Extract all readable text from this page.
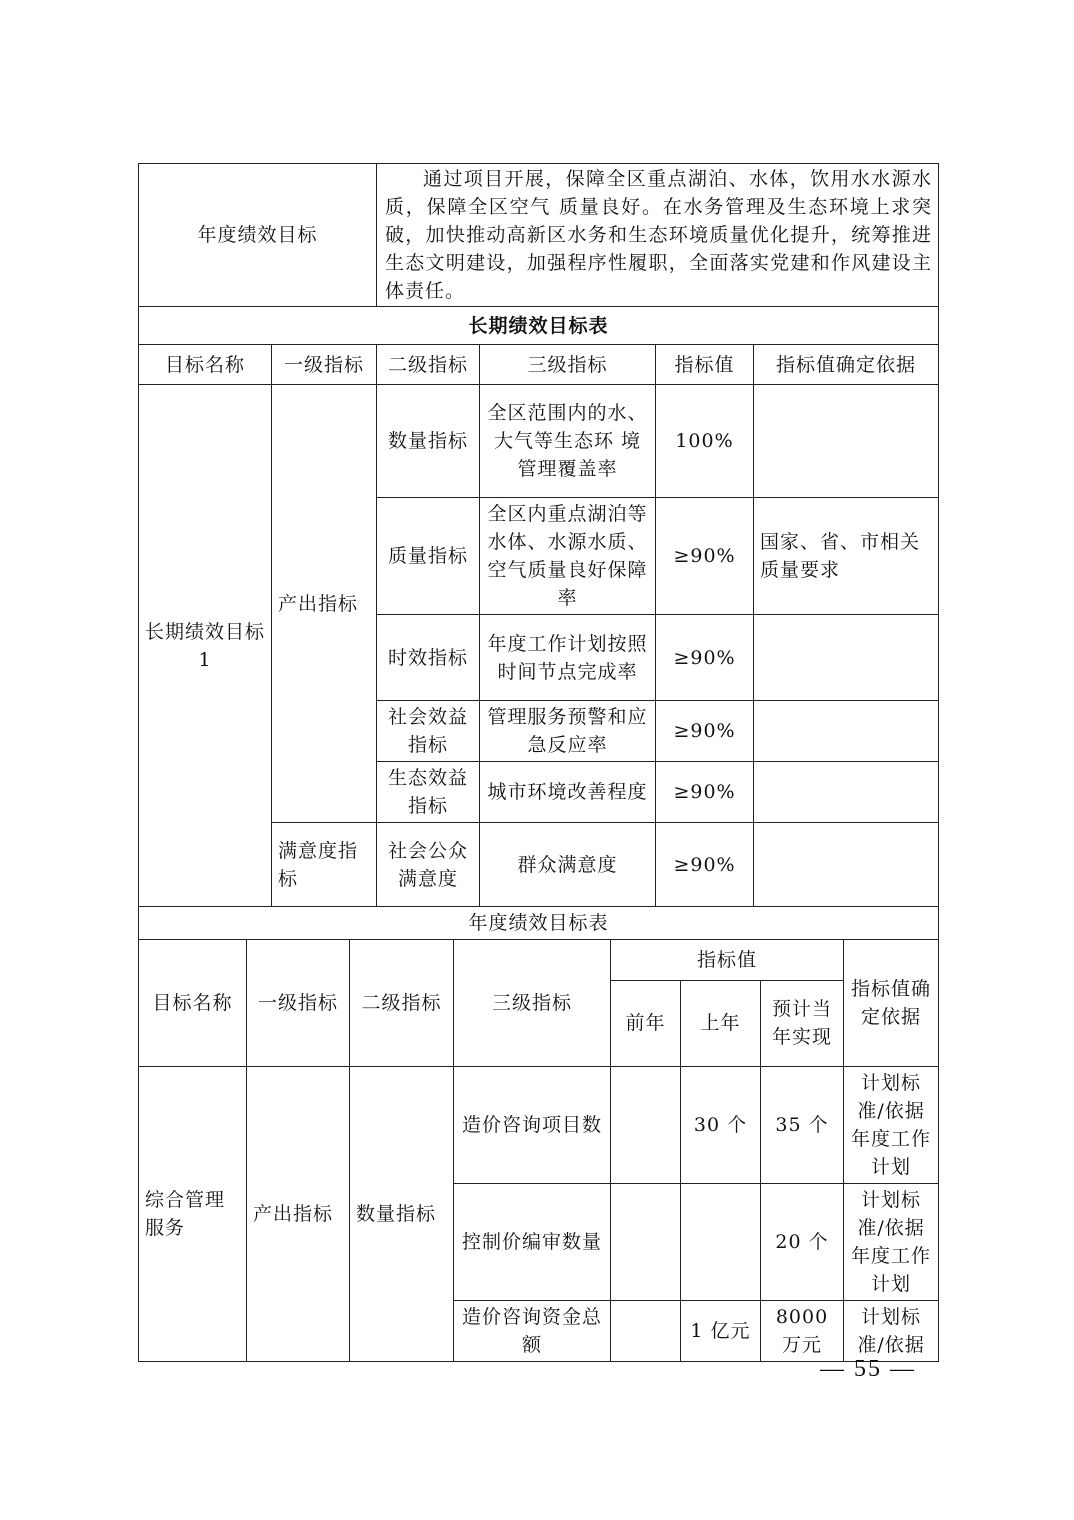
年度绩效目标		通过项目开展，保障全区重点湖泊、水体，饮用水水源水质，保障全区空气 质量良好。在水务管理及生态环境上求突破，加快推动高新区水务和生态环境质量优化提升，统筹推进生态文明建设，加强程序性履职，全面落实党建和作风建设主体责任。			
长期绩效目标表					
目标名称	一级指标	二级指标	三级指标	指标值	指标值确定依据
长期绩效目标1	产出指标	数量指标	全区范围内的水、大气等生态环 境管理覆盖率	100%	
		质量指标	全区内重点湖泊等水体、水源水质、 空气质量良好保障 率	≥90%	国家、省、市相关质量要求
		时效指标	年度工作计划按照时间节点完成率	≥90%	
		社会效益指标	管理服务预警和应急反应率	≥90%	
		生态效益指标	城市环境改善程度	≥90%	
	满意度指标	社会公众满意度	群众满意度	≥90%	
年度绩效目标表					
目标名称	一级指标	二级指标	三级指标	指标值			指标值确定依据
				前年	上年	预计当年实现	
综合管理服务	产出指标	数量指标	造价咨询项目数		30 个	35 个	计划标准/依据年度工作计划
			控制价编审数量			20 个	计划标准/依据年度工作计划
			造价咨询资金总额		1 亿元	8000 万元	计划标准/依据
— 55 —
